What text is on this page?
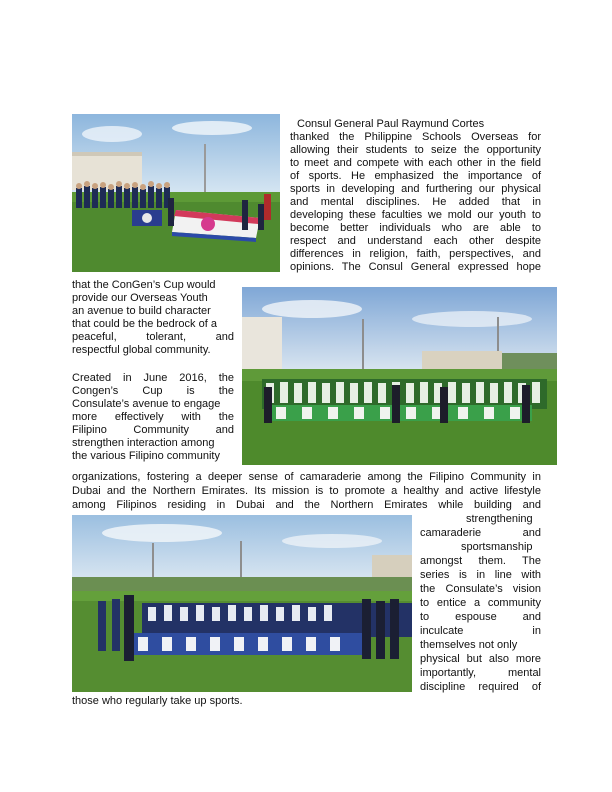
Consul General Paul Raymund Cortes
thanked the Philippine Schools Overseas for
allowing their students to seize the opportunity
to meet and compete with each other in the field
of sports. He emphasized the importance of
sports in developing and furthering our physical
and mental disciplines. He added that in
developing these faculties we mold our youth to
become better individuals who are able to
respect and understand each other despite
differences in religion, faith, perspectives, and
opinions. The Consul General expressed hope
that the ConGen’s Cup would
provide our Overseas Youth
an avenue to build character
that could be the bedrock of a
peaceful, tolerant, and
respectful global community.
Created in June 2016, the
Congen’s Cup is the
Consulate’s avenue to engage
more effectively with the
Filipino Community and
strengthen interaction among
the various Filipino community
organizations, fostering a deeper sense of camaraderie among the Filipino Community in
Dubai and the Northern Emirates. Its mission is to promote a healthy and active lifestyle
among Filipinos residing in Dubai and the Northern Emirates while building and
strengthening
camaraderie and
sportsmanship
amongst them. The
series is in line with
the Consulate’s vision
to entice a community
to espouse and
inculcate in
themselves not only
physical but also more
importantly, mental
discipline required of
those who regularly take up sports.
